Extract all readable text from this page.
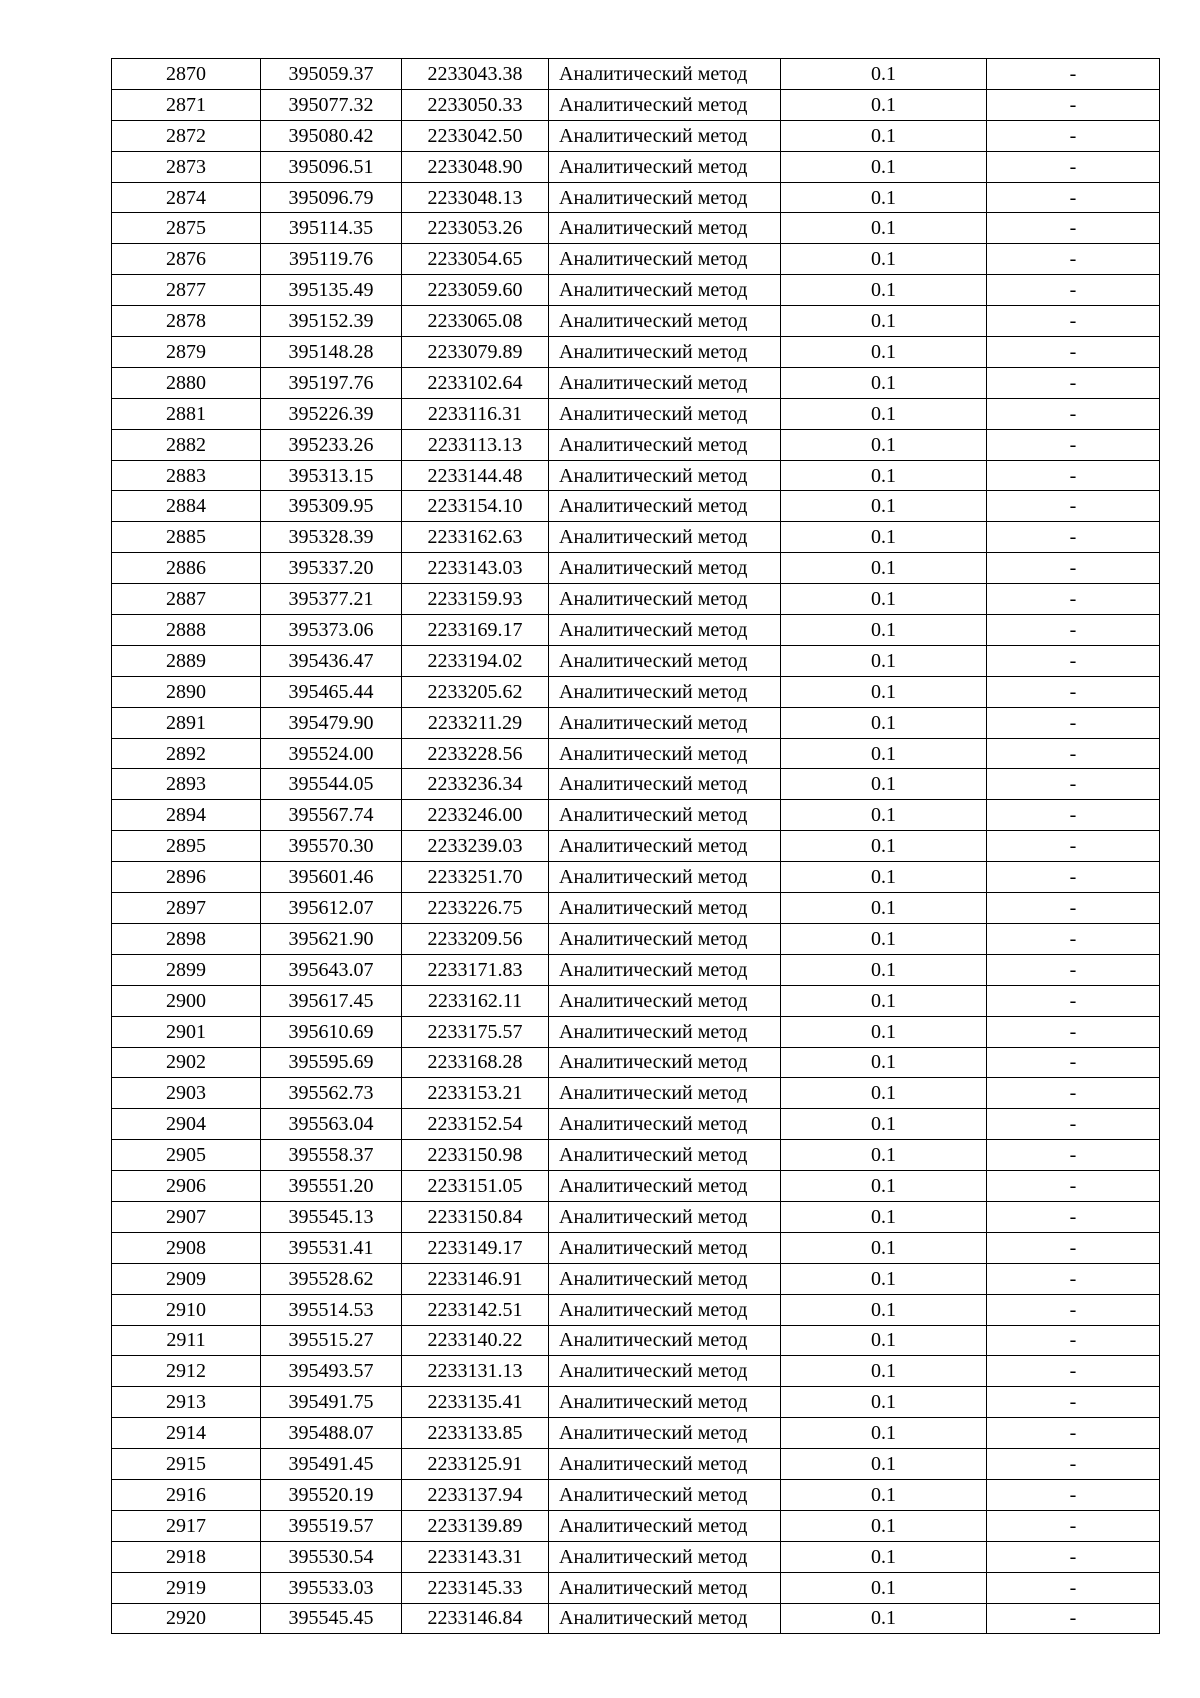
2870	395059.37	2233043.38	Аналитический метод	0.1	-
2871	395077.32	2233050.33	Аналитический метод	0.1	-
2872	395080.42	2233042.50	Аналитический метод	0.1	-
2873	395096.51	2233048.90	Аналитический метод	0.1	-
2874	395096.79	2233048.13	Аналитический метод	0.1	-
2875	395114.35	2233053.26	Аналитический метод	0.1	-
2876	395119.76	2233054.65	Аналитический метод	0.1	-
2877	395135.49	2233059.60	Аналитический метод	0.1	-
2878	395152.39	2233065.08	Аналитический метод	0.1	-
2879	395148.28	2233079.89	Аналитический метод	0.1	-
2880	395197.76	2233102.64	Аналитический метод	0.1	-
2881	395226.39	2233116.31	Аналитический метод	0.1	-
2882	395233.26	2233113.13	Аналитический метод	0.1	-
2883	395313.15	2233144.48	Аналитический метод	0.1	-
2884	395309.95	2233154.10	Аналитический метод	0.1	-
2885	395328.39	2233162.63	Аналитический метод	0.1	-
2886	395337.20	2233143.03	Аналитический метод	0.1	-
2887	395377.21	2233159.93	Аналитический метод	0.1	-
2888	395373.06	2233169.17	Аналитический метод	0.1	-
2889	395436.47	2233194.02	Аналитический метод	0.1	-
2890	395465.44	2233205.62	Аналитический метод	0.1	-
2891	395479.90	2233211.29	Аналитический метод	0.1	-
2892	395524.00	2233228.56	Аналитический метод	0.1	-
2893	395544.05	2233236.34	Аналитический метод	0.1	-
2894	395567.74	2233246.00	Аналитический метод	0.1	-
2895	395570.30	2233239.03	Аналитический метод	0.1	-
2896	395601.46	2233251.70	Аналитический метод	0.1	-
2897	395612.07	2233226.75	Аналитический метод	0.1	-
2898	395621.90	2233209.56	Аналитический метод	0.1	-
2899	395643.07	2233171.83	Аналитический метод	0.1	-
2900	395617.45	2233162.11	Аналитический метод	0.1	-
2901	395610.69	2233175.57	Аналитический метод	0.1	-
2902	395595.69	2233168.28	Аналитический метод	0.1	-
2903	395562.73	2233153.21	Аналитический метод	0.1	-
2904	395563.04	2233152.54	Аналитический метод	0.1	-
2905	395558.37	2233150.98	Аналитический метод	0.1	-
2906	395551.20	2233151.05	Аналитический метод	0.1	-
2907	395545.13	2233150.84	Аналитический метод	0.1	-
2908	395531.41	2233149.17	Аналитический метод	0.1	-
2909	395528.62	2233146.91	Аналитический метод	0.1	-
2910	395514.53	2233142.51	Аналитический метод	0.1	-
2911	395515.27	2233140.22	Аналитический метод	0.1	-
2912	395493.57	2233131.13	Аналитический метод	0.1	-
2913	395491.75	2233135.41	Аналитический метод	0.1	-
2914	395488.07	2233133.85	Аналитический метод	0.1	-
2915	395491.45	2233125.91	Аналитический метод	0.1	-
2916	395520.19	2233137.94	Аналитический метод	0.1	-
2917	395519.57	2233139.89	Аналитический метод	0.1	-
2918	395530.54	2233143.31	Аналитический метод	0.1	-
2919	395533.03	2233145.33	Аналитический метод	0.1	-
2920	395545.45	2233146.84	Аналитический метод	0.1	-
